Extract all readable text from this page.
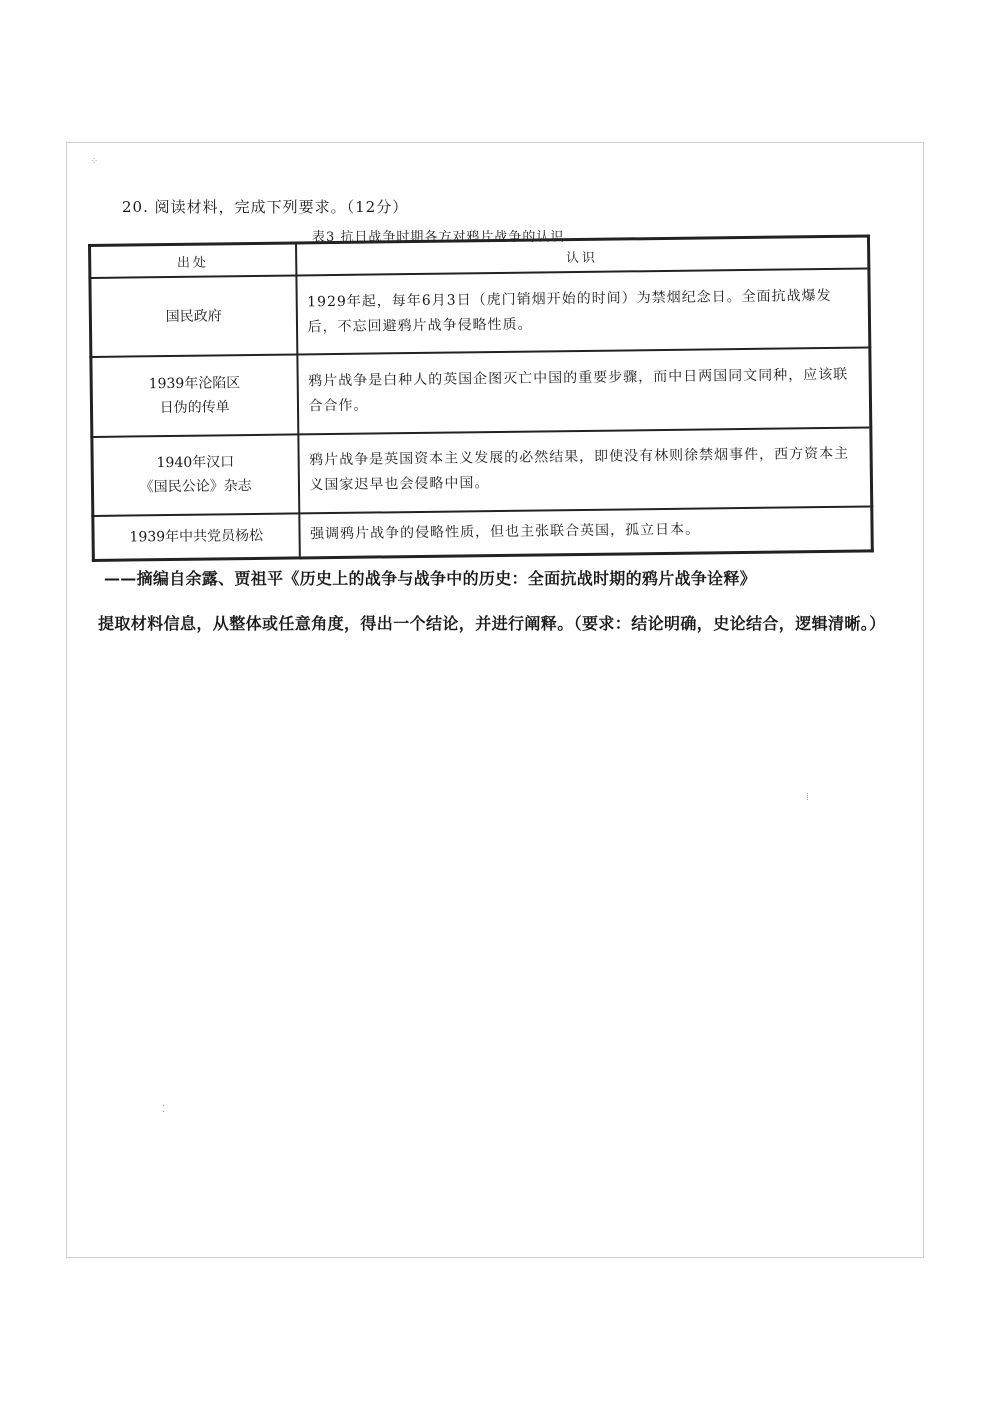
⁘
⁞
⁚
20. 阅读材料，完成下列要求。（12分）
表3 抗日战争时期各方对鸦片战争的认识
出处	认识

国民政府	1929年起，每年6月3日（虎门销烟开始的时间）为禁烟纪念日。全面抗战爆发后，不忘回避鸦片战争侵略性质。

1939年沦陷区
日伪的传单	鸦片战争是白种人的英国企图灭亡中国的重要步骤，而中日两国同文同种，应该联合合作。

1940年汉口
《国民公论》杂志	鸦片战争是英国资本主义发展的必然结果，即使没有林则徐禁烟事件，西方资本主义国家迟早也会侵略中国。

1939年中共党员杨松	强调鸦片战争的侵略性质，但也主张联合英国，孤立日本。
——摘编自余露、贾祖平《历史上的战争与战争中的历史：全面抗战时期的鸦片战争诠释》
提取材料信息，从整体或任意角度，得出一个结论，并进行阐释。（要求：结论明确，史论结合，逻辑清晰。）
